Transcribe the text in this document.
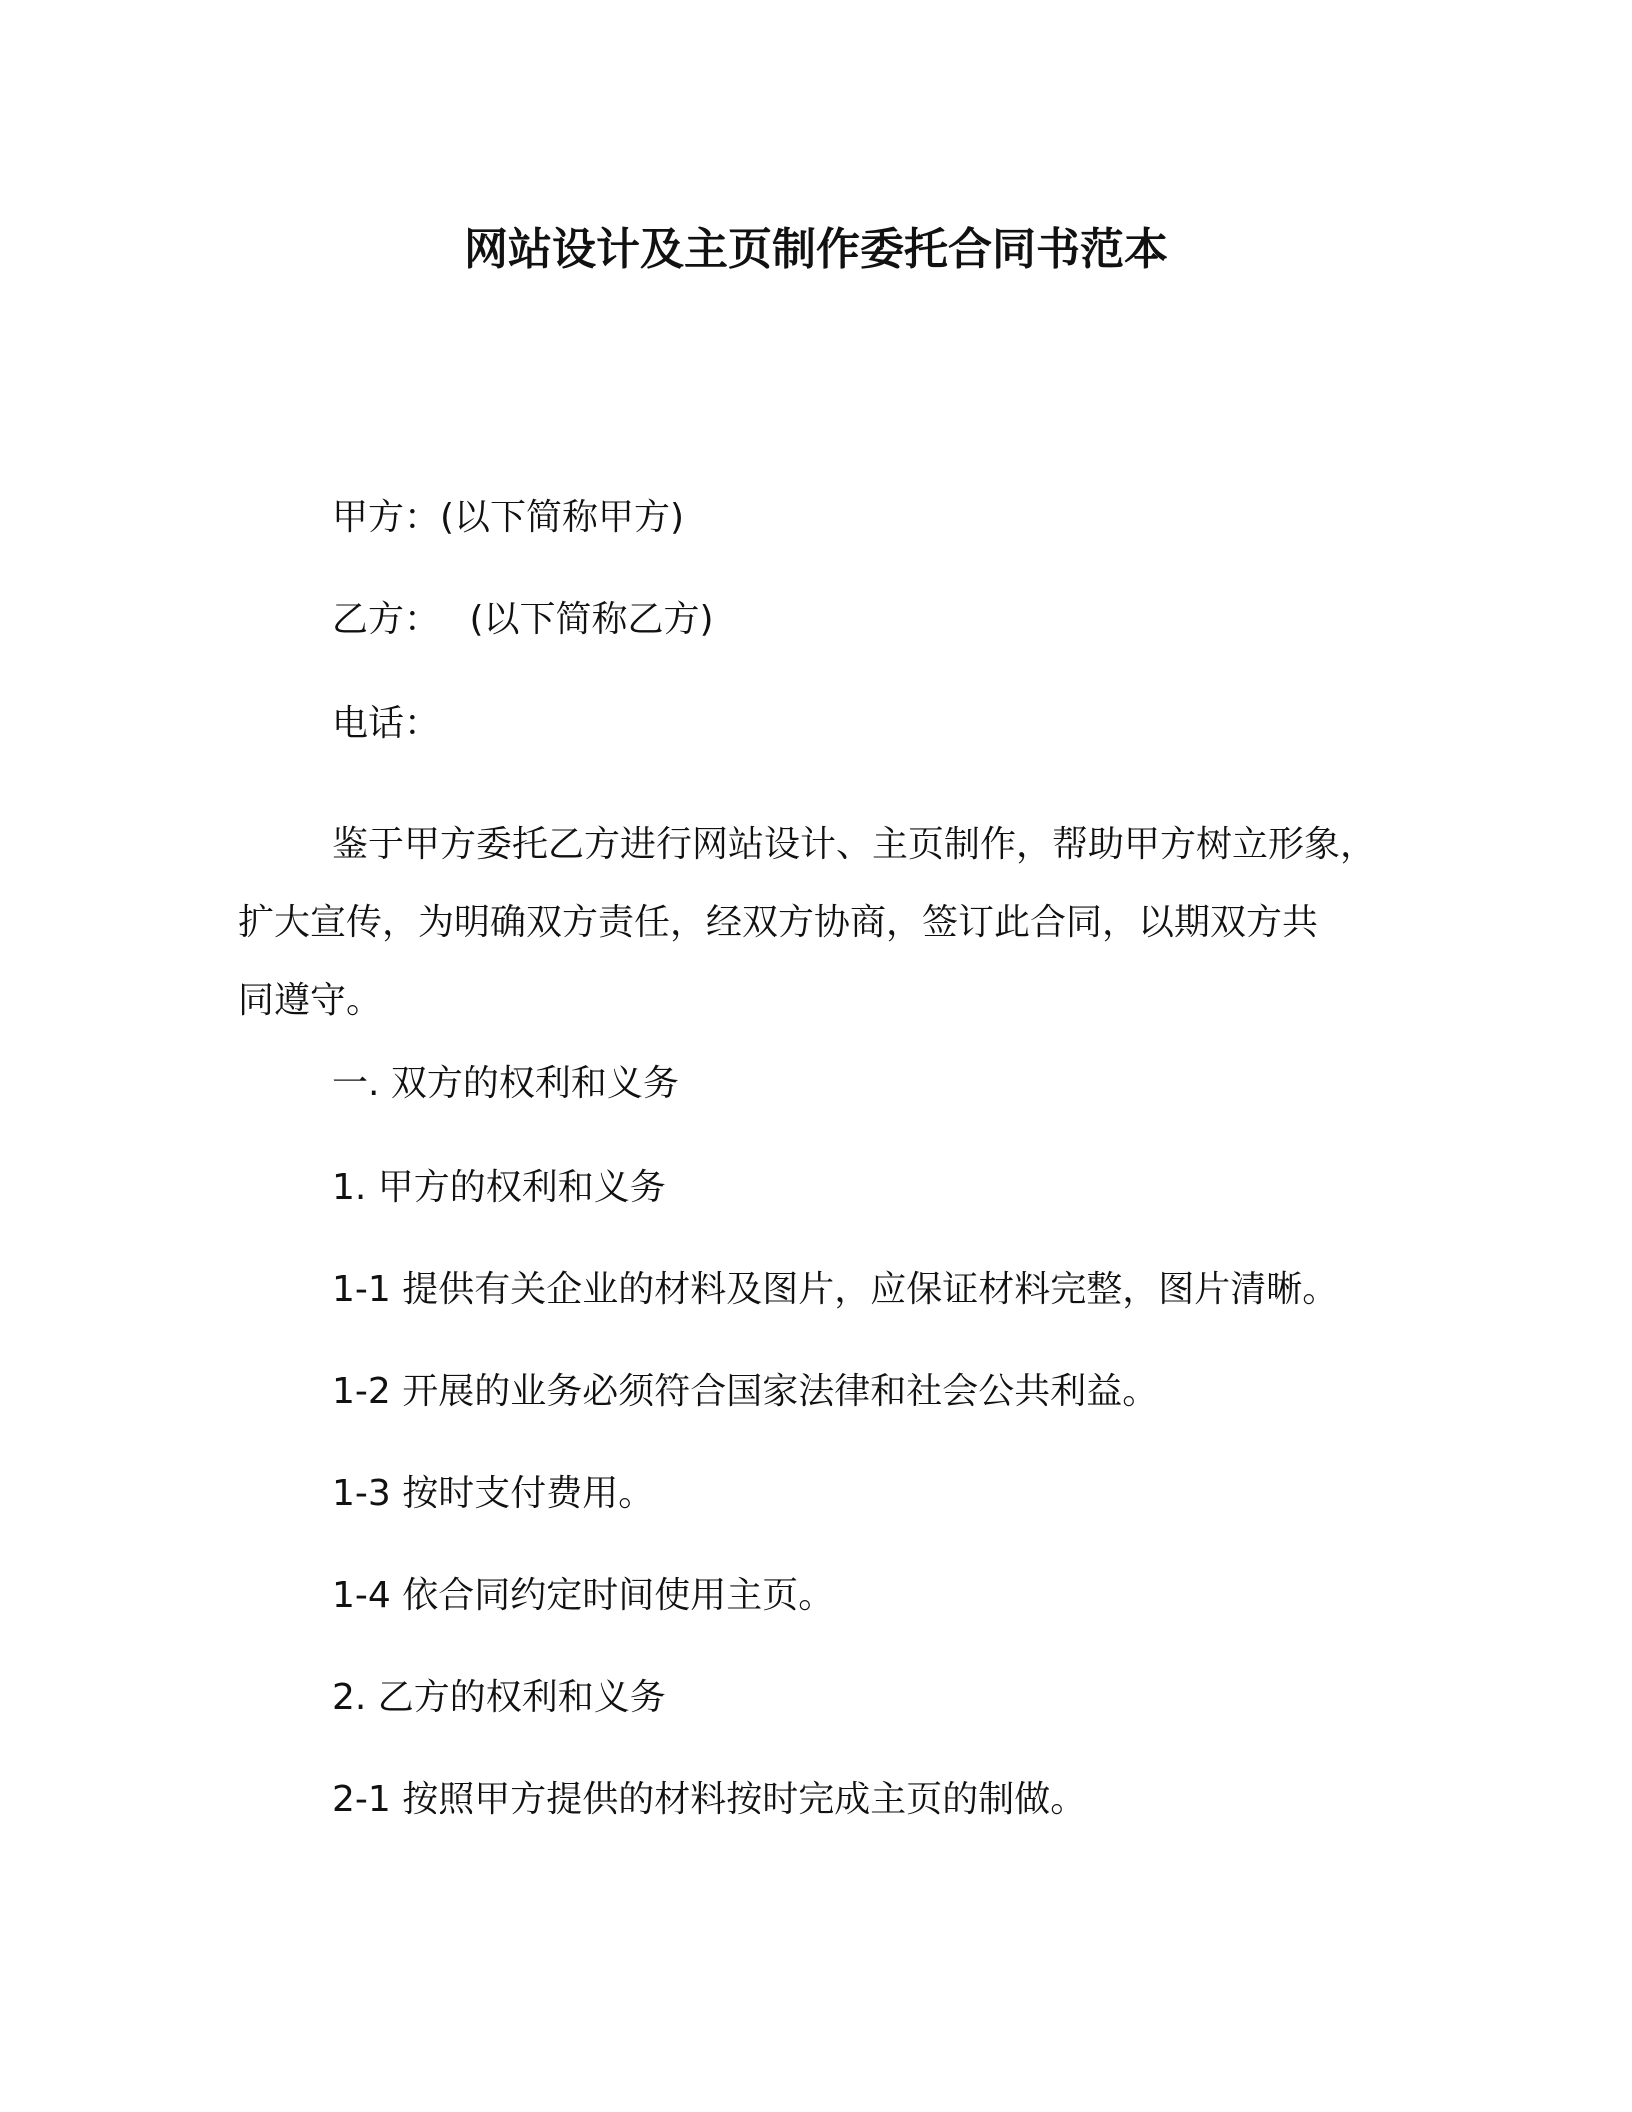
网站设计及主页制作委托合同书范本
甲方：(以下简称甲方)
乙方：　 (以下简称乙方)
电话：
鉴于甲方委托乙方进行网站设计、主页制作，帮助甲方树立形象，
扩大宣传，为明确双方责任，经双方协商，签订此合同，以期双方共
同遵守。
一. 双方的权利和义务
1. 甲方的权利和义务
1-1 提供有关企业的材料及图片，应保证材料完整，图片清晰。
1-2 开展的业务必须符合国家法律和社会公共利益。
1-3 按时支付费用。
1-4 依合同约定时间使用主页。
2. 乙方的权利和义务
2-1 按照甲方提供的材料按时完成主页的制做。
